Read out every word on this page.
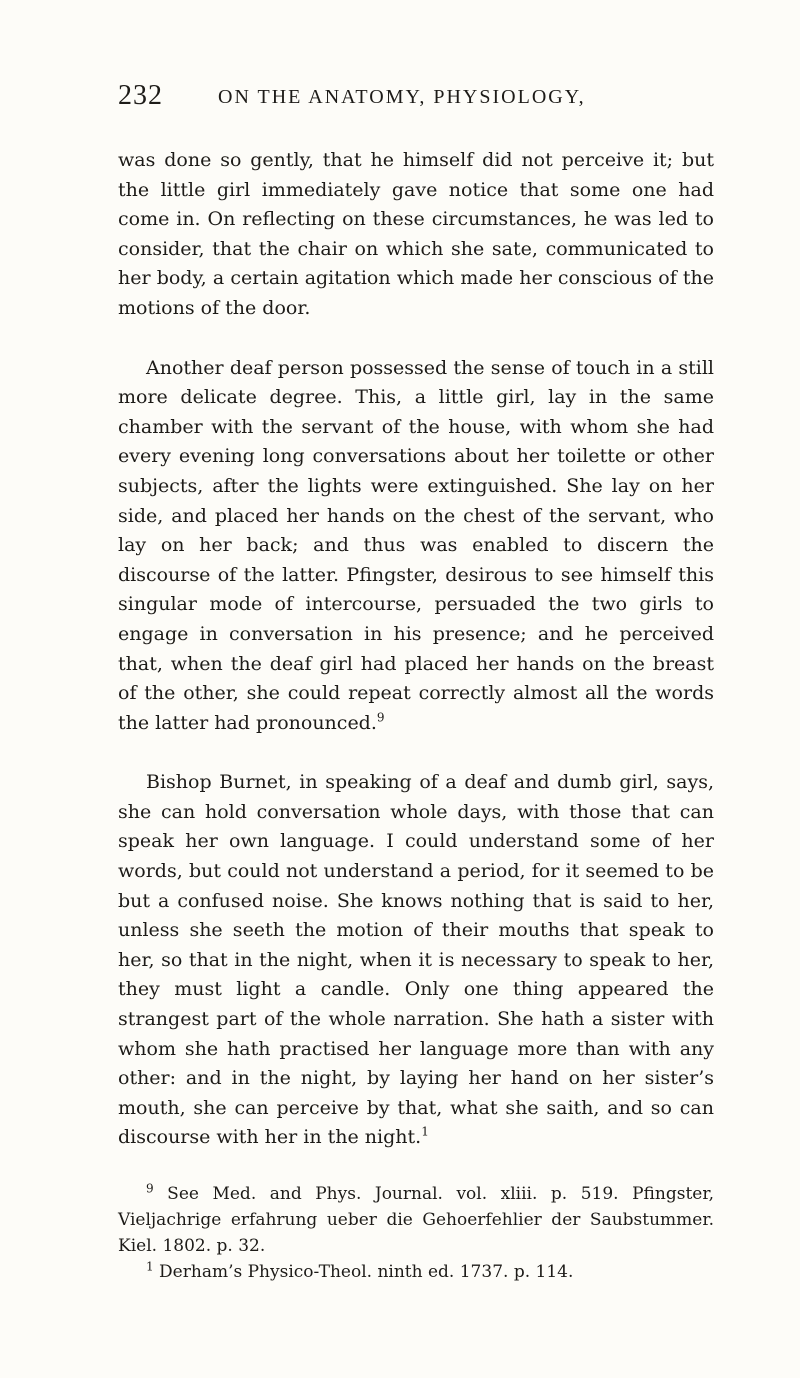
232	ON THE ANATOMY, PHYSIOLOGY,

was done so gently, that he himself did not perceive it; but the little girl immediately gave notice that some one had come in. On reflecting on these circumstances, he was led to consider, that the chair on which she sate, communicated to her body, a certain agitation which made her conscious of the motions of the door.

Another deaf person possessed the sense of touch in a still more delicate degree. This, a little girl, lay in the same chamber with the servant of the house, with whom she had every evening long conversations about her toilette or other subjects, after the lights were extinguished. She lay on her side, and placed her hands on the chest of the servant, who lay on her back; and thus was enabled to discern the discourse of the latter. Pfingster, desirous to see himself this singular mode of intercourse, persuaded the two girls to engage in conversation in his presence; and he perceived that, when the deaf girl had placed her hands on the breast of the other, she could repeat correctly almost all the words the latter had pronounced.$^9$

Bishop Burnet, in speaking of a deaf and dumb girl, says, she can hold conversation whole days, with those that can speak her own language. I could understand some of her words, but could not understand a period, for it seemed to be but a confused noise. She knows nothing that is said to her, unless she seeth the motion of their mouths that speak to her, so that in the night, when it is necessary to speak to her, they must light a candle. Only one thing appeared the strangest part of the whole narration. She hath a sister with whom she hath practised her language more than with any other: and in the night, by laying her hand on her sister’s mouth, she can perceive by that, what she saith, and so can discourse with her in the night.$^1$

$^9$ See Med. and Phys. Journal. vol. xliii. p. 519. Pfingster, Vieljachrige erfahrung ueber die Gehoerfehlier der Saubstummer. Kiel. 1802. p. 32.

$^1$ Derham’s Physico-Theol. ninth ed. 1737. p. 114.
